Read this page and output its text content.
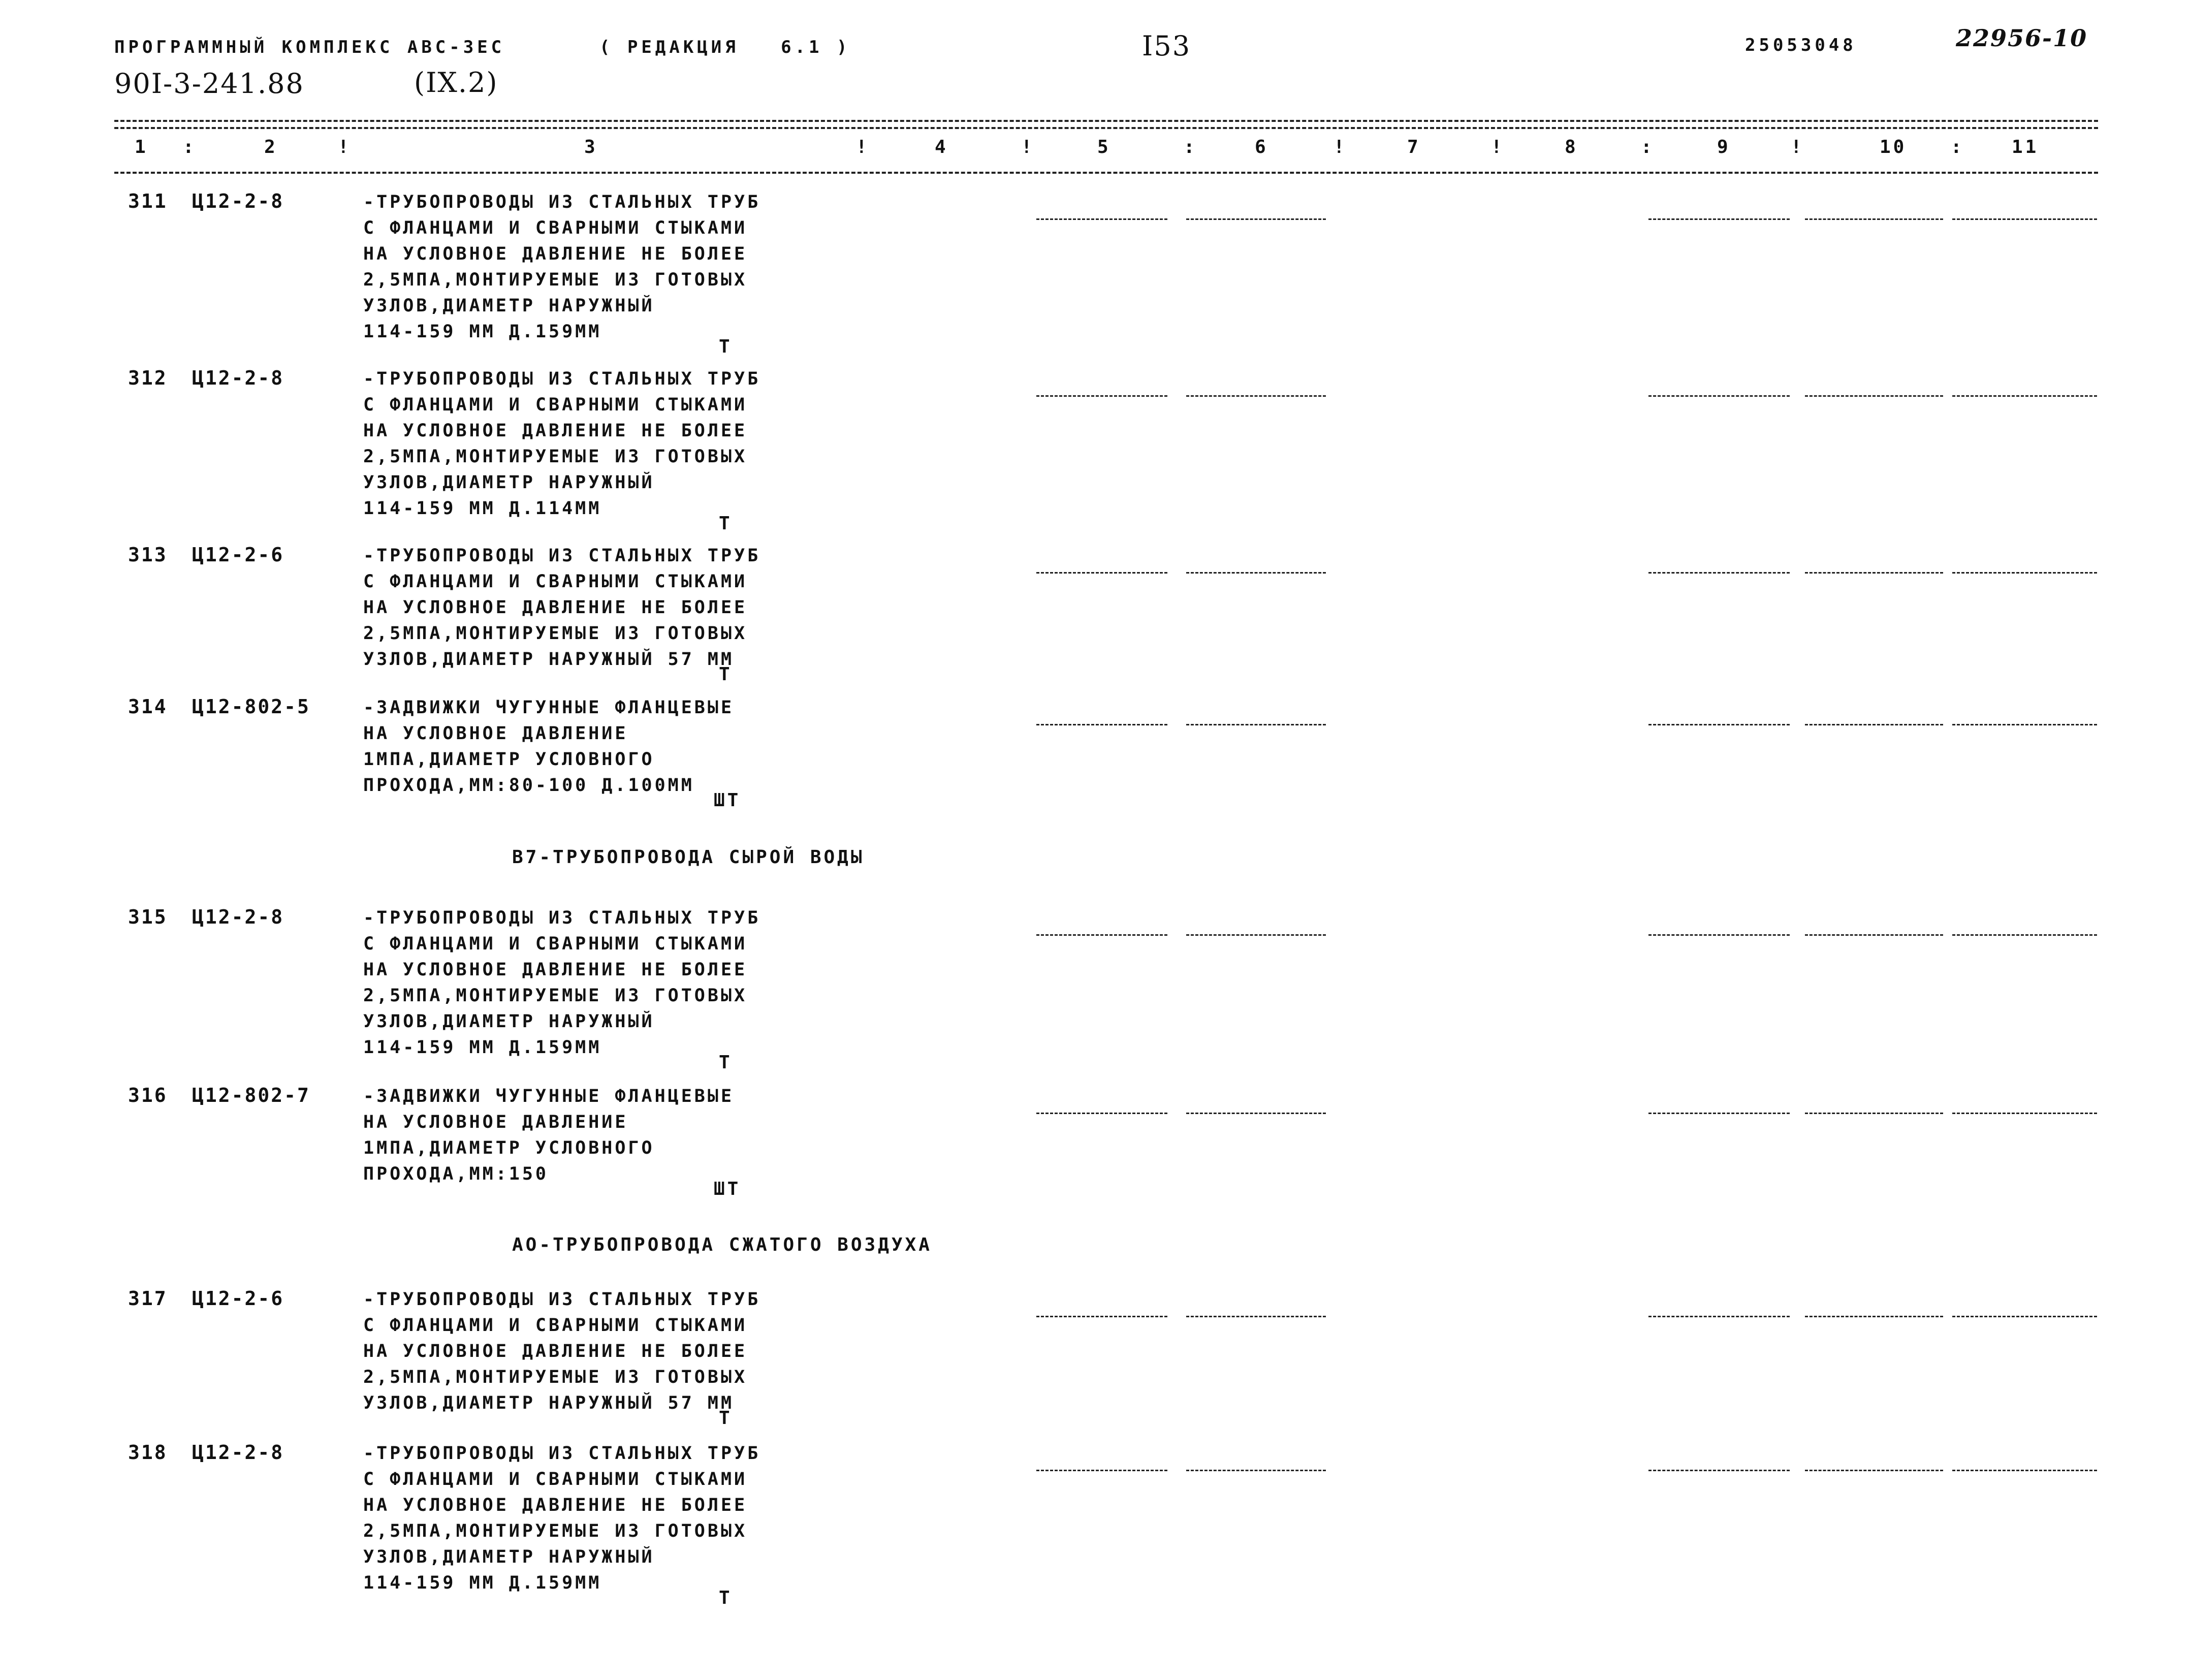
ПРОГРАММНЫЙ КОМПЛЕКС АВС-ЗЕС	( РЕДАКЦИЯ   6.1 )	I53	25053048	22956-10
90I-3-241.88	(IX.2)
1 :	2	!	3	!	4	!	5	:	6	!	7	!	8	:	9	!	10 :	11
311 Ц12-2-8	-ТРУБОПРОВОДЫ ИЗ СТАЛЬНЫХ ТРУБ
С ФЛАНЦАМИ И СВАРНЫМИ СТЫКАМИ
НА УСЛОВНОЕ ДАВЛЕНИЕ НЕ БОЛЕЕ
2,5МПА,МОНТИРУЕМЫЕ ИЗ ГОТОВЫХ
УЗЛОВ,ДИАМЕТР НАРУЖНЫЙ
114-159 ММ Д.159ММ
Т
312 Ц12-2-8	-ТРУБОПРОВОДЫ ИЗ СТАЛЬНЫХ ТРУБ
С ФЛАНЦАМИ И СВАРНЫМИ СТЫКАМИ
НА УСЛОВНОЕ ДАВЛЕНИЕ НЕ БОЛЕЕ
2,5МПА,МОНТИРУЕМЫЕ ИЗ ГОТОВЫХ
УЗЛОВ,ДИАМЕТР НАРУЖНЫЙ
114-159 ММ Д.114ММ
Т
313 Ц12-2-6	-ТРУБОПРОВОДЫ ИЗ СТАЛЬНЫХ ТРУБ
С ФЛАНЦАМИ И СВАРНЫМИ СТЫКАМИ
НА УСЛОВНОЕ ДАВЛЕНИЕ НЕ БОЛЕЕ
2,5МПА,МОНТИРУЕМЫЕ ИЗ ГОТОВЫХ
УЗЛОВ,ДИАМЕТР НАРУЖНЫЙ 57 ММ
Т
314 Ц12-802-5	-ЗАДВИЖКИ ЧУГУННЫЕ ФЛАНЦЕВЫЕ
НА УСЛОВНОЕ ДАВЛЕНИЕ
1МПА,ДИАМЕТР УСЛОВНОГО
ПРОХОДА,ММ:80-100 Д.100ММ
ШТ
315 Ц12-2-8	-ТРУБОПРОВОДЫ ИЗ СТАЛЬНЫХ ТРУБ
С ФЛАНЦАМИ И СВАРНЫМИ СТЫКАМИ
НА УСЛОВНОЕ ДАВЛЕНИЕ НЕ БОЛЕЕ
2,5МПА,МОНТИРУЕМЫЕ ИЗ ГОТОВЫХ
УЗЛОВ,ДИАМЕТР НАРУЖНЫЙ
114-159 ММ Д.159ММ
Т
316 Ц12-802-7	-ЗАДВИЖКИ ЧУГУННЫЕ ФЛАНЦЕВЫЕ
НА УСЛОВНОЕ ДАВЛЕНИЕ
1МПА,ДИАМЕТР УСЛОВНОГО
ПРОХОДА,ММ:150
ШТ
317 Ц12-2-6	-ТРУБОПРОВОДЫ ИЗ СТАЛЬНЫХ ТРУБ
С ФЛАНЦАМИ И СВАРНЫМИ СТЫКАМИ
НА УСЛОВНОЕ ДАВЛЕНИЕ НЕ БОЛЕЕ
2,5МПА,МОНТИРУЕМЫЕ ИЗ ГОТОВЫХ
УЗЛОВ,ДИАМЕТР НАРУЖНЫЙ 57 ММ
Т
318 Ц12-2-8	-ТРУБОПРОВОДЫ ИЗ СТАЛЬНЫХ ТРУБ
С ФЛАНЦАМИ И СВАРНЫМИ СТЫКАМИ
НА УСЛОВНОЕ ДАВЛЕНИЕ НЕ БОЛЕЕ
2,5МПА,МОНТИРУЕМЫЕ ИЗ ГОТОВЫХ
УЗЛОВ,ДИАМЕТР НАРУЖНЫЙ
114-159 ММ Д.159ММ
Т
В7-ТРУБОПРОВОДА СЫРОЙ ВОДЫ
АО-ТРУБОПРОВОДА СЖАТОГО ВОЗДУХА
